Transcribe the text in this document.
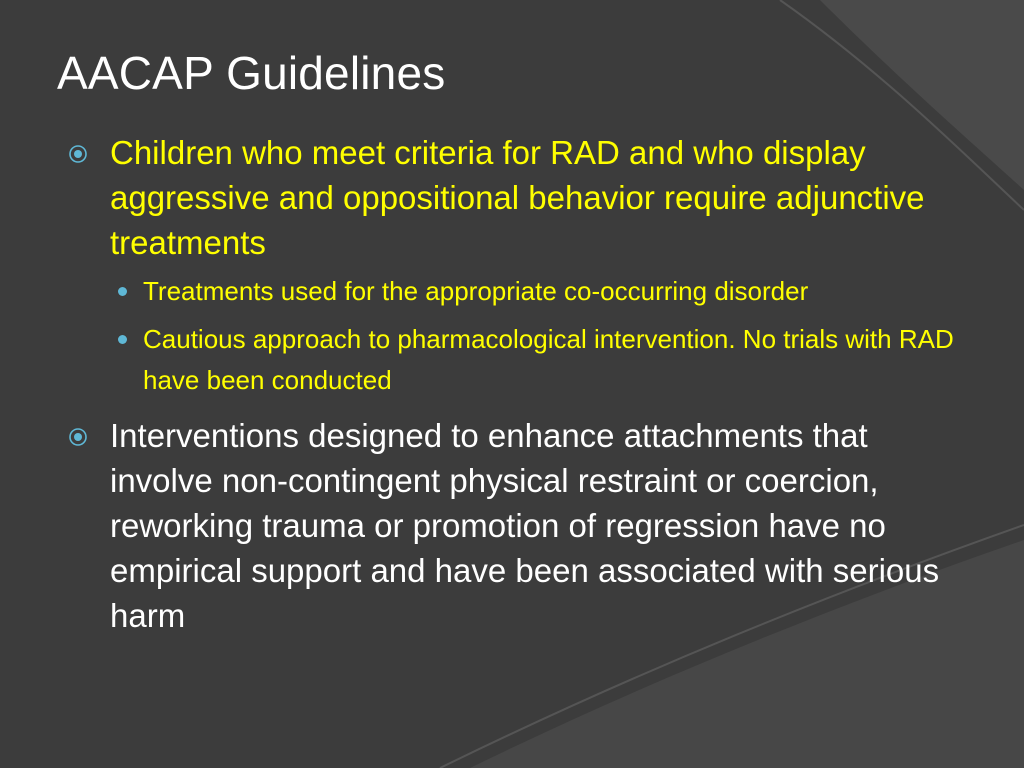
AACAP Guidelines
Children who meet criteria for RAD and who display aggressive and oppositional behavior require adjunctive treatments
Treatments used for the appropriate co-occurring disorder
Cautious approach to pharmacological intervention. No trials with RAD have been conducted
Interventions designed to enhance attachments that involve non-contingent physical restraint or coercion, reworking trauma or promotion of regression have no empirical support and have been associated with serious harm
